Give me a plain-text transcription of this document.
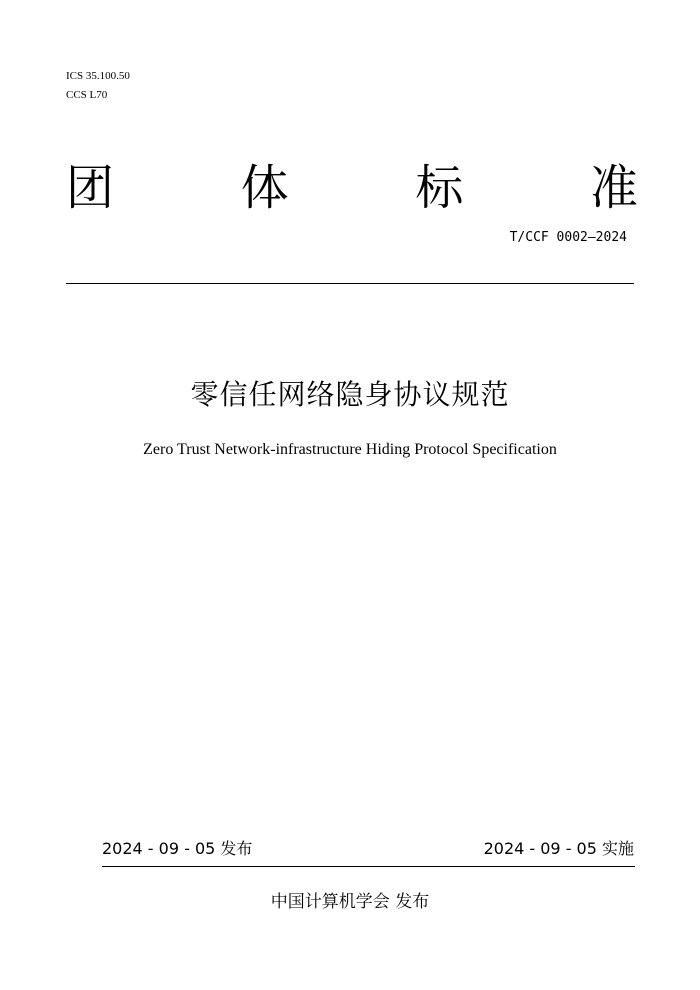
ICS 35.100.50
CCS L70
团	体	标	准
T/CCF 0002—2024
零信任网络隐身协议规范
Zero Trust Network-infrastructure Hiding Protocol Specification
2024 - 09 - 05 发布	2024 - 09 - 05 实施
中国计算机学会 发布
